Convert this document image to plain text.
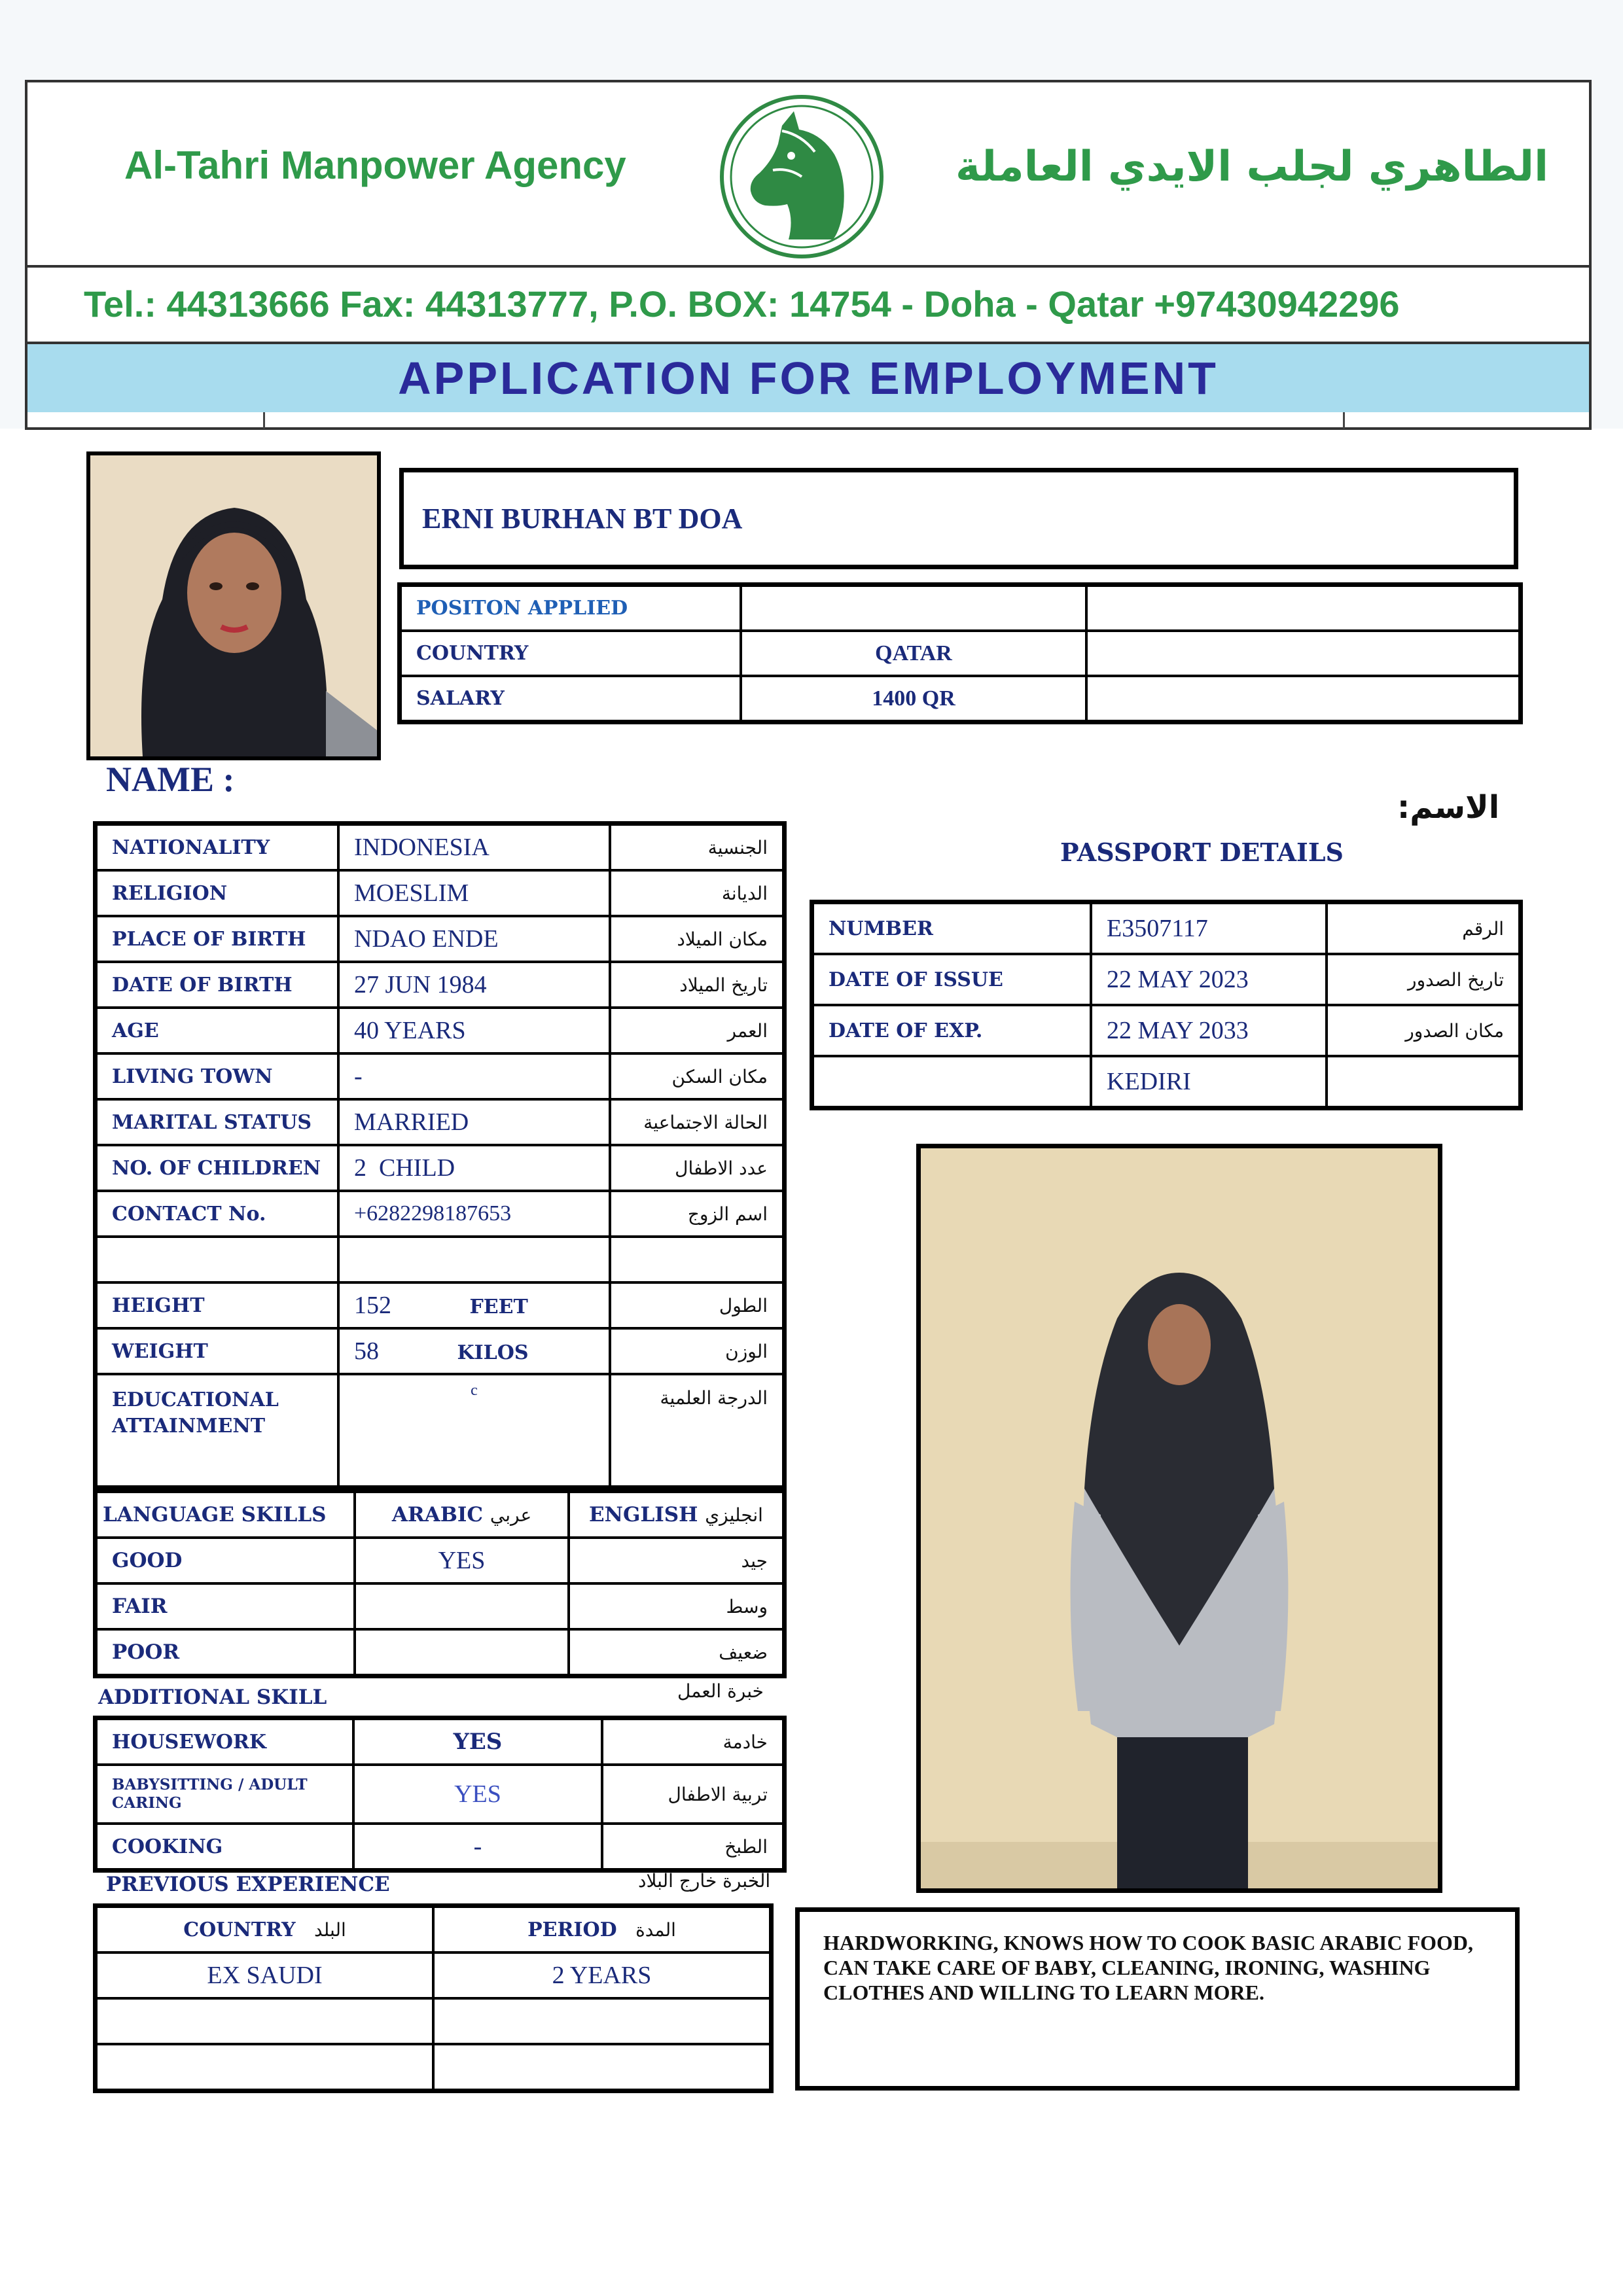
Al-Tahri Manpower Agency	الطاهري لجلب الايدي العاملة
Tel.: 44313666 Fax: 44313777, P.O. BOX: 14754 - Doha - Qatar +97430942296
APPLICATION FOR EMPLOYMENT
ERNI BURHAN BT DOA
POSITON APPLIED		
COUNTRY	QATAR	
SALARY	1400 QR	
NAME :
الاسم:
PASSPORT DETAILS
NATIONALITY	INDONESIA	الجنسية
RELIGION	MOESLIM	الديانة
PLACE OF BIRTH	NDAO ENDE	مكان الميلاد
DATE OF BIRTH	27 JUN 1984	تاريخ الميلاد
AGE	40 YEARS	العمر
LIVING TOWN	-	مكان السكن
MARITAL STATUS	MARRIED	الحالة الاجتماعية
NO. OF CHILDREN	2  CHILD	عدد الاطفال
CONTACT No.	+6282298187653	اسم الزوج

HEIGHT	152 FEET	الطول
WEIGHT	58 KILOS	الوزن

EDUCATIONAL
ATTAINMENT	c	الدرجة العلمية
NUMBER	E3507117	الرقم
DATE OF ISSUE	22 MAY 2023	تاريخ الصدور
DATE OF EXP.	22 MAY 2033	مكان الصدور
	KEDIRI	
LANGUAGE SKILLS	ARABIC عربي	ENGLISH انجليزي
GOOD	YES	جيد
FAIR		وسط
POOR		ضعيف
ADDITIONAL SKILL	خبرة العمل
HOUSEWORK	YES	خادمة
BABYSITTING / ADULT CARING	YES	تربية الاطفال
COOKING	-	الطبخ
PREVIOUS EXPERIENCE	الخبرة خارج البلاد
COUNTRY البلد	PERIOD المدة
EX SAUDI	2 YEARS

HARDWORKING, KNOWS HOW TO COOK BASIC ARABIC FOOD, CAN TAKE CARE OF BABY, CLEANING, IRONING, WASHING CLOTHES AND WILLING TO LEARN MORE.
